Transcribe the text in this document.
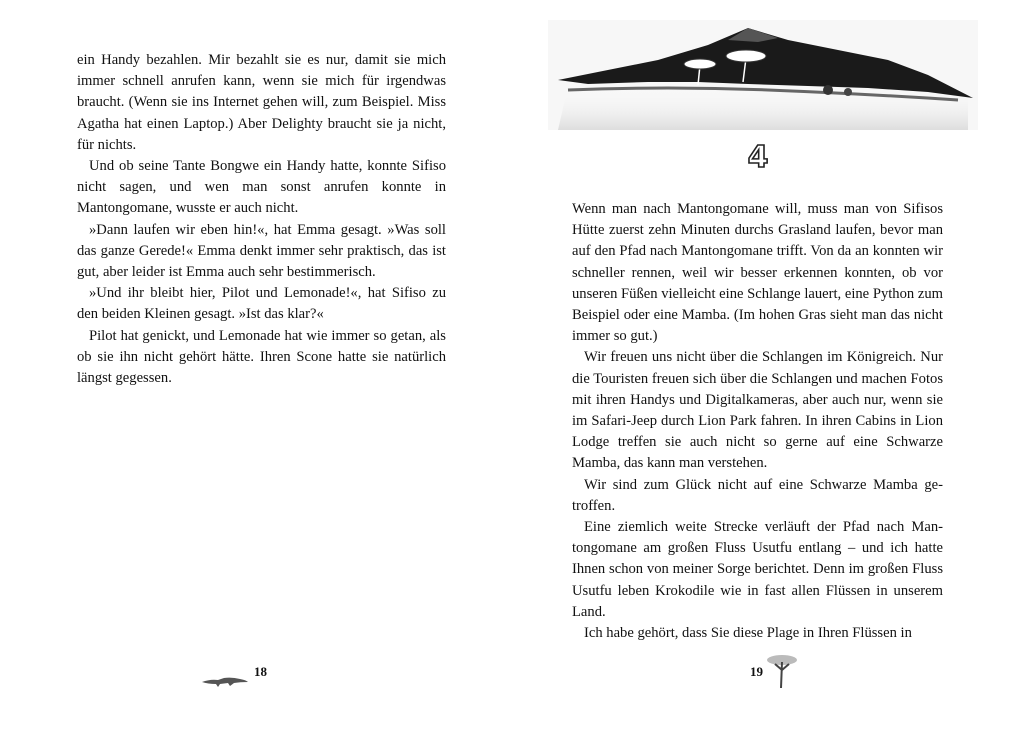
ein Handy bezahlen. Mir bezahlt sie es nur, damit sie mich immer schnell anrufen kann, wenn sie mich für irgendwas braucht. (Wenn sie ins Internet gehen will, zum Beispiel. Miss Agatha hat einen Laptop.) Aber Delighty braucht sie ja nicht, für nichts.

Und ob seine Tante Bongwe ein Handy hatte, konnte Sifiso nicht sagen, und wen man sonst anrufen konnte in Mantongomane, wusste er auch nicht.

»Dann laufen wir eben hin!«, hat Emma gesagt. »Was soll das ganze Gerede!« Emma denkt immer sehr praktisch, das ist gut, aber leider ist Emma auch sehr bestimmerisch.

»Und ihr bleibt hier, Pilot und Lemonade!«, hat Sifiso zu den beiden Kleinen gesagt. »Ist das klar?«

Pilot hat genickt, und Lemonade hat wie immer so getan, als ob sie ihn nicht gehört hätte. Ihren Scone hatte sie natürlich längst gegessen.

18
4

Wenn man nach Mantongomane will, muss man von Sifisos Hütte zuerst zehn Minuten durchs Grasland laufen, bevor man auf den Pfad nach Mantongomane trifft. Von da an konnten wir schneller rennen, weil wir besser erkennen konnten, ob vor unseren Füßen vielleicht eine Schlange lauert, eine Python zum Beispiel oder eine Mamba. (Im hohen Gras sieht man das nicht immer so gut.)

Wir freuen uns nicht über die Schlangen im Königreich. Nur die Touristen freuen sich über die Schlangen und machen Fotos mit ihren Handys und Digitalkameras, aber auch nur, wenn sie im Safari-Jeep durch Lion Park fahren. In ihren Cabins in Lion Lodge treffen sie auch nicht so gerne auf eine Schwarze Mamba, das kann man verstehen.

Wir sind zum Glück nicht auf eine Schwarze Mamba getroffen.

Eine ziemlich weite Strecke verläuft der Pfad nach Mantongomane am großen Fluss Usutfu entlang – und ich hatte Ihnen schon von meiner Sorge berichtet. Denn im großen Fluss Usutfu leben Krokodile wie in fast allen Flüssen in unserem Land.

Ich habe gehört, dass Sie diese Plage in Ihren Flüssen in

19
